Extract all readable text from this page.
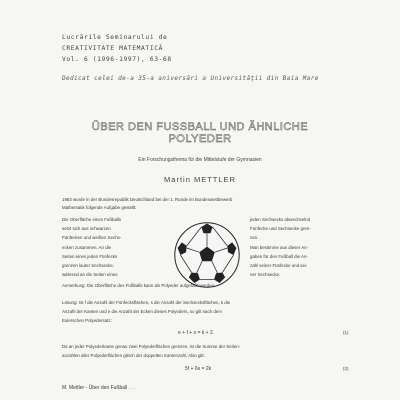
Lucrările Seminarului de
CREATIVITATE MATEMATICĂ
Vol. 6 (1996-1997), 63-68
Dedicat celei de-a 35-a aniversări a Universităţii din Baia Mare
ÜBER DEN FUSSBALL UND ÄHNLICHE
POLYEDER
Ein Forschungsthema für die Mittelstufe der Gymnasien
Martin METTLER
1983 wurde in der Bundesrepublik Deutschland bei der 1. Runde im Bundeswettbewerb
Mathematik folgende Aufgabe gestellt:
Die Oberfläche eines Fußballs
setzt sich aus schwarzen
Fünfecken und weißen Sechs-
ecken zusammen. An die
Seiten eines jeden Fünfecks
grenzen lauter Sechsecke,
während an die Seiten eines
jeden Sechsecks abwechselnd
Fünfecke und Sechsecke gren-
zen.
Man bestimme aus dieser An-
gaben für den Fußball die An-
zahl seiner Fünfecke und sei-
ner Sechsecke.
Anmerkung: Die Oberfläche des Fußballs kann als Polyeder aufgefaßt werden.
Lösung: Ist f die Anzahl der Fünfecksflächen, s die Anzahl der Sechsecksflächen, k die
Anzahl der Kanten und e die Anzahl der Ecken dieses Polyeders, so gilt nach dem
Eulerschen Polyedersatz:
e + f + s = k + 2.	(1)
Da an jeder Polyederkante genau zwei Polyederflächen grenzen, ist die Summe der Seiten-
anzahlen aller Polyederflächen gleich der doppelten Kantenzahl. Also gilt:
5f + 6s = 2k	(2)
M. Mettler - Über den Fußball . . .
